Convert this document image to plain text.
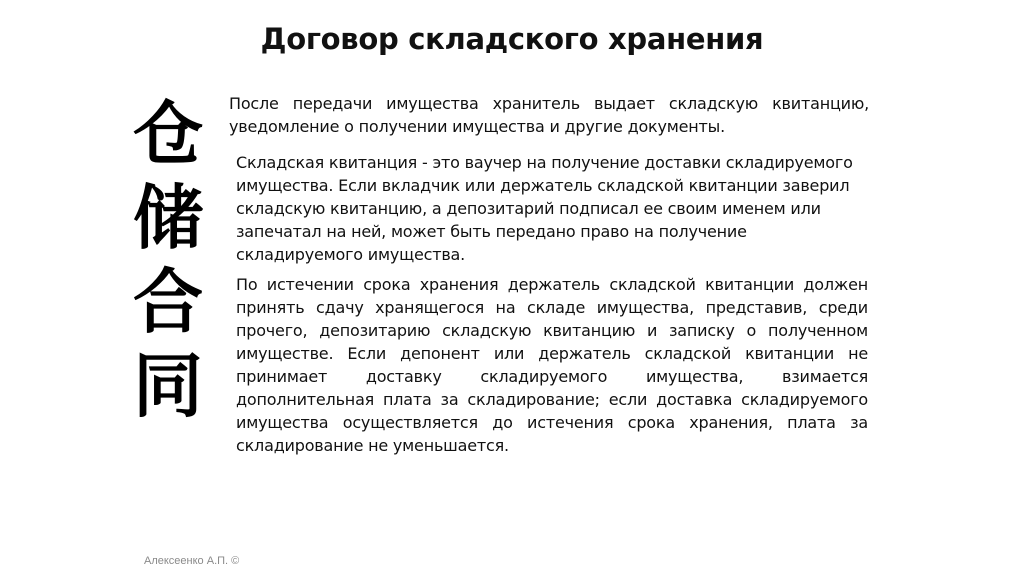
Договор складского хранения
仓
储
合
同
После передачи имущества хранитель выдает складскую квитанцию, уведомление о получении имущества и другие документы.
Складская квитанция - это ваучер на получение доставки складируемого имущества. Если вкладчик или держатель складской квитанции заверил складскую квитанцию, а депозитарий подписал ее своим именем или запечатал на ней, может быть передано право на получение складируемого имущества.
По истечении срока хранения держатель складской квитанции должен принять сдачу хранящегося на складе имущества, представив, среди прочего, депозитарию складскую квитанцию и записку о полученном имуществе. Если депонент или держатель складской квитанции не принимает доставку складируемого имущества, взимается дополнительная плата за складирование; если доставка складируемого имущества осуществляется до истечения срока хранения, плата за складирование не уменьшается.
Алексеенко А.П. ©
